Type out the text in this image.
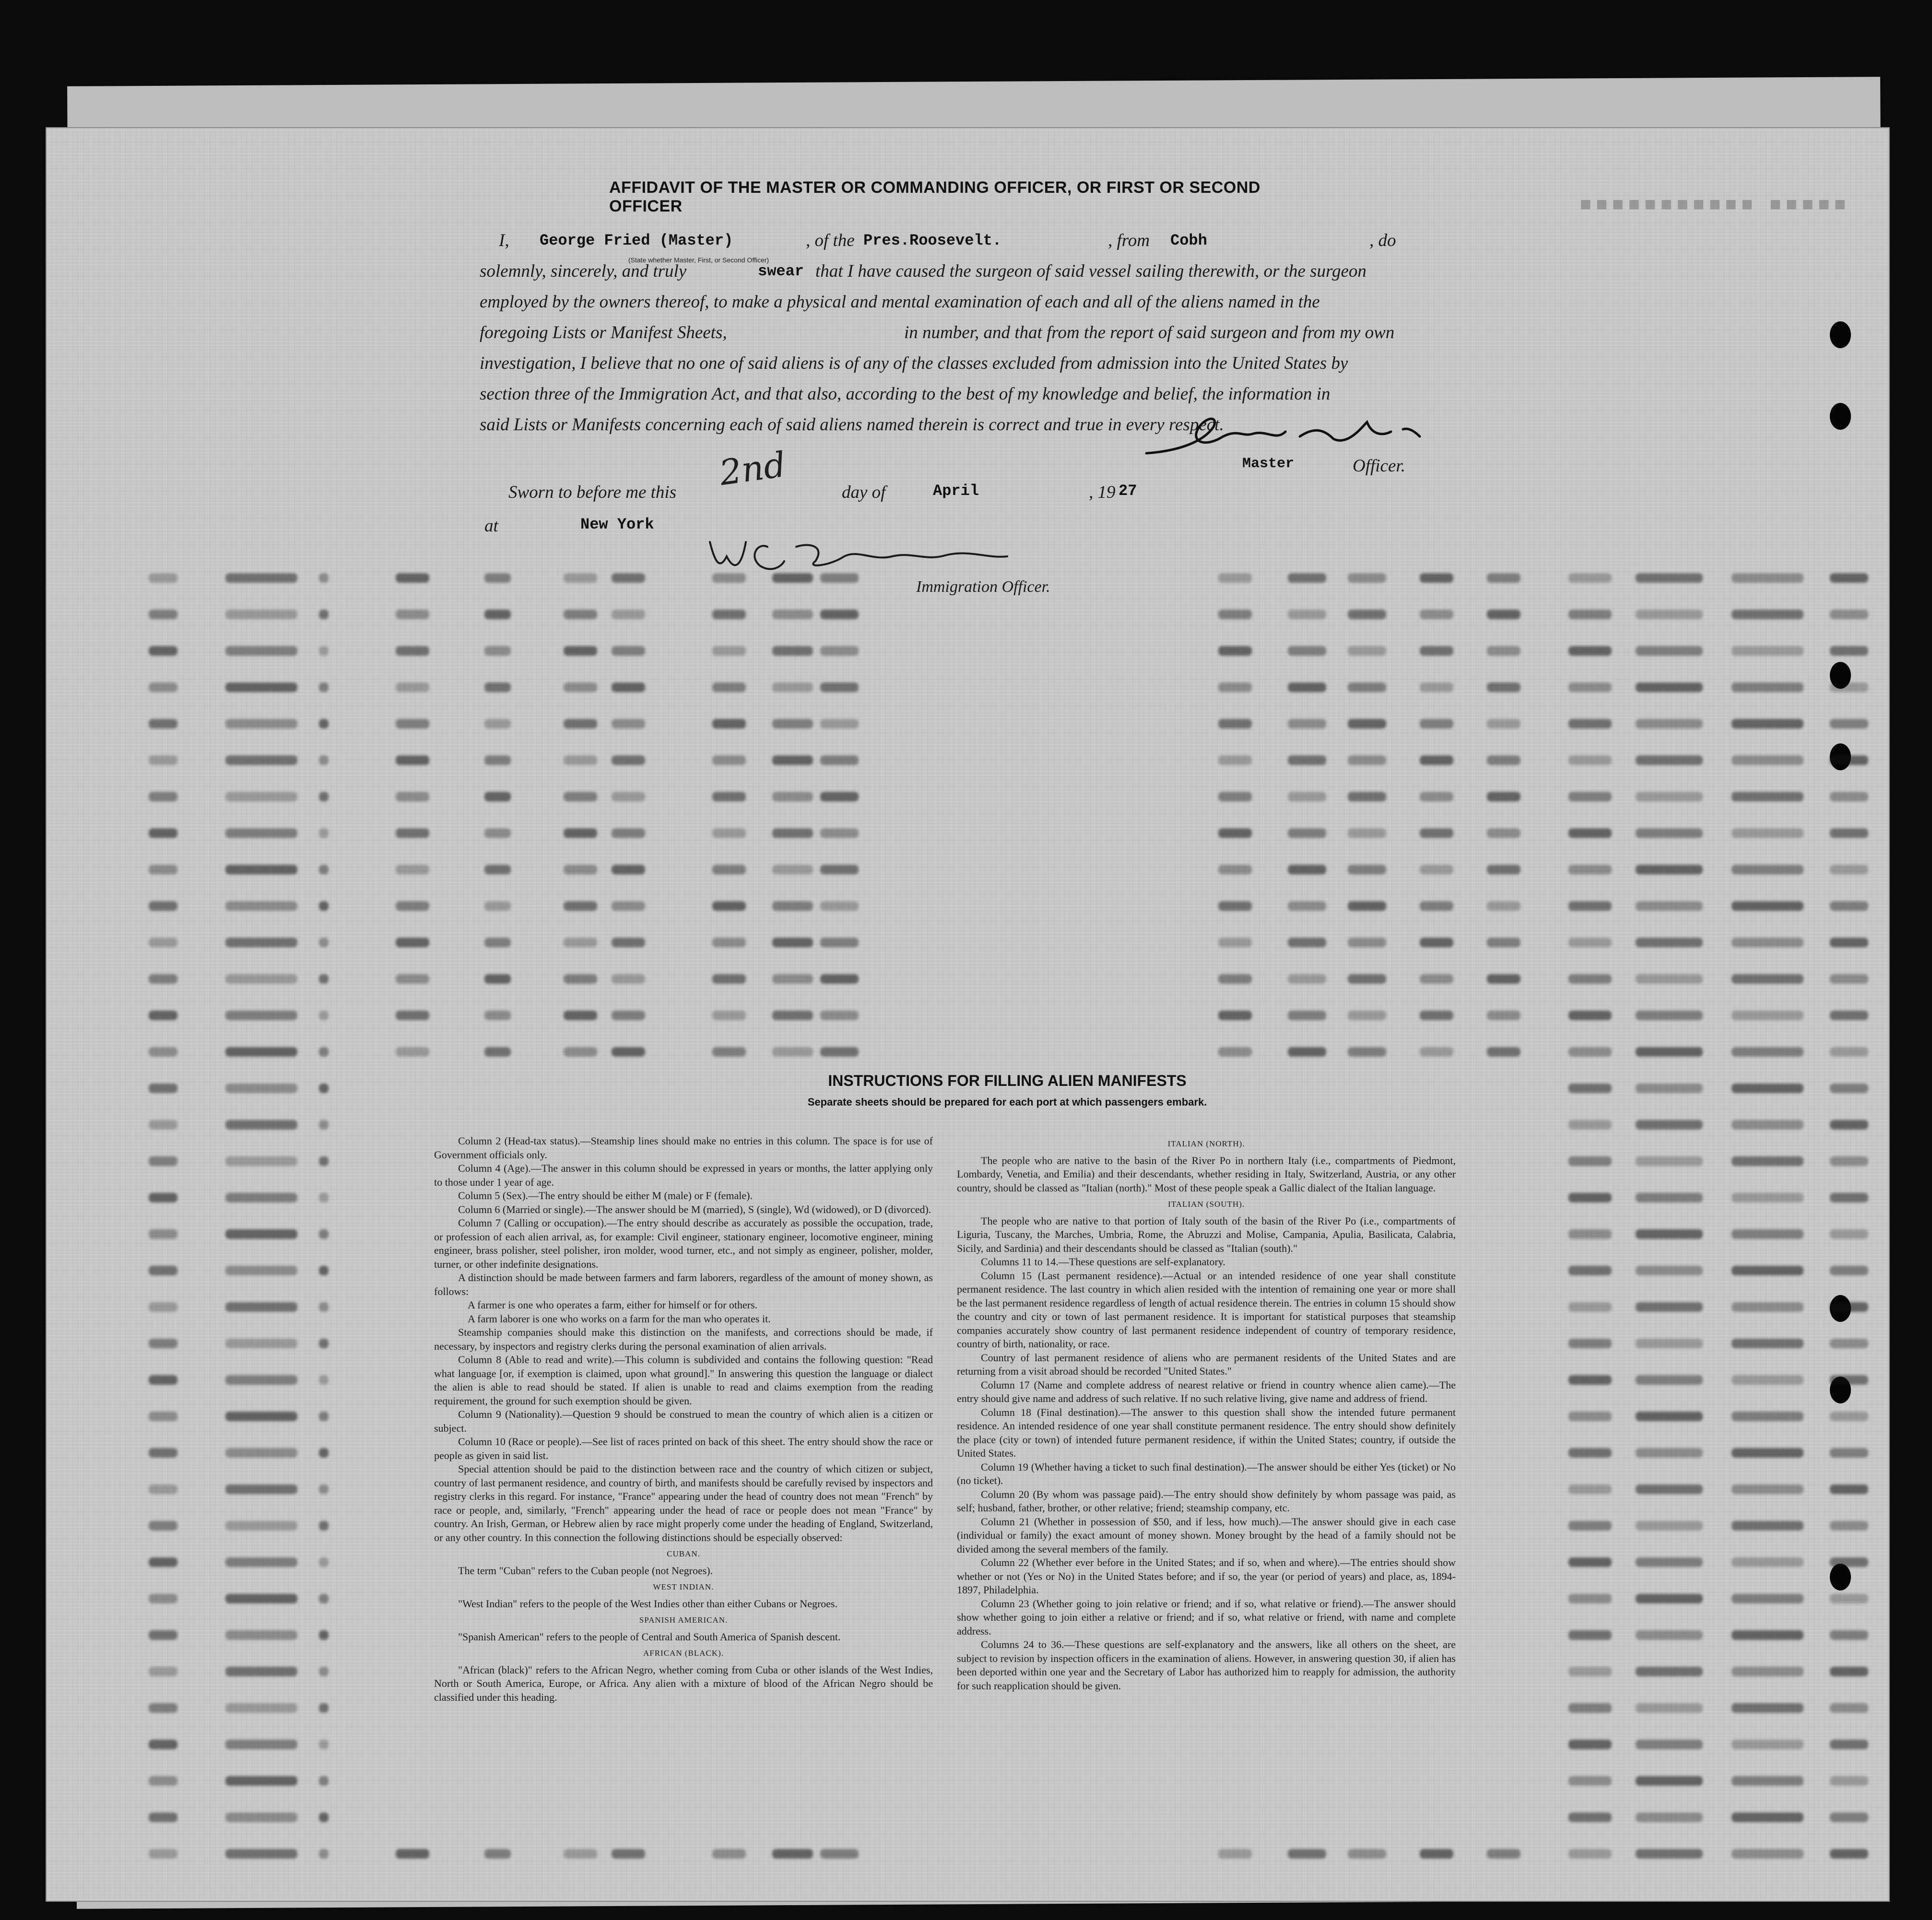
▪▪▪▪▪ ▪▪▪▪▪▪▪▪▪▪▪
AFFIDAVIT OF THE MASTER OR COMMANDING OFFICER, OR FIRST OR SECOND OFFICER
I, George Fried (Master)
(State whether Master, First, or Second Officer)
, of the Pres.Roosevelt.	, from Cobh	, do
solemnly, sincerely, and truly	swear that I have caused the surgeon of said vessel sailing therewith, or the surgeon
employed by the owners thereof, to make a physical and mental examination of each and all of the aliens named in the
foregoing Lists or Manifest Sheets,	in number, and that from the report of said surgeon and from my own
investigation, I believe that no one of said aliens is of any of the classes excluded from admission into the United States by
section three of the Immigration Act, and that also, according to the best of my knowledge and belief, the information in
said Lists or Manifests concerning each of said aliens named therein is correct and true in every respect.
Master	Officer.
Sworn to before me this 2nd	day of	April	, 19 27
at	New York
Immigration Officer.
INSTRUCTIONS FOR FILLING ALIEN MANIFESTS
Separate sheets should be prepared for each port at which passengers embark.

Column 2 (Head-tax status).—Steamship lines should make no entries in this column. The space is for use of Government officials only.

Column 4 (Age).—The answer in this column should be expressed in years or months, the latter applying only to those under 1 year of age.

Column 5 (Sex).—The entry should be either M (male) or F (female).

Column 6 (Married or single).—The answer should be M (married), S (single), Wd (widowed), or D (divorced).

Column 7 (Calling or occupation).—The entry should describe as accurately as possible the occupation, trade, or profession of each alien arrival, as, for example: Civil engineer, stationary engineer, locomotive engineer, mining engineer, brass polisher, steel polisher, iron molder, wood turner, etc., and not simply as engineer, polisher, molder, turner, or other indefinite designations.

A distinction should be made between farmers and farm laborers, regardless of the amount of money shown, as follows:

A farmer is one who operates a farm, either for himself or for others.

A farm laborer is one who works on a farm for the man who operates it.

Steamship companies should make this distinction on the manifests, and corrections should be made, if necessary, by inspectors and registry clerks during the personal examination of alien arrivals.

Column 8 (Able to read and write).—This column is subdivided and contains the following question: "Read what language [or, if exemption is claimed, upon what ground]." In answering this question the language or dialect the alien is able to read should be stated. If alien is unable to read and claims exemption from the reading requirement, the ground for such exemption should be given.

Column 9 (Nationality).—Question 9 should be construed to mean the country of which alien is a citizen or subject.

Column 10 (Race or people).—See list of races printed on back of this sheet. The entry should show the race or people as given in said list.

Special attention should be paid to the distinction between race and the country of which citizen or subject, country of last permanent residence, and country of birth, and manifests should be carefully revised by inspectors and registry clerks in this regard. For instance, "France" appearing under the head of country does not mean "French" by race or people, and, similarly, "French" appearing under the head of race or people does not mean "France" by country. An Irish, German, or Hebrew alien by race might properly come under the heading of England, Switzerland, or any other country. In this connection the following distinctions should be especially observed:

CUBAN.

The term "Cuban" refers to the Cuban people (not Negroes).

WEST INDIAN.

"West Indian" refers to the people of the West Indies other than either Cubans or Negroes.

SPANISH AMERICAN.

"Spanish American" refers to the people of Central and South America of Spanish descent.

AFRICAN (BLACK).

"African (black)" refers to the African Negro, whether coming from Cuba or other islands of the West Indies, North or South America, Europe, or Africa. Any alien with a mixture of blood of the African Negro should be classified under this heading.

ITALIAN (NORTH).

The people who are native to the basin of the River Po in northern Italy (i.e., compartments of Piedmont, Lombardy, Venetia, and Emilia) and their descendants, whether residing in Italy, Switzerland, Austria, or any other country, should be classed as "Italian (north)." Most of these people speak a Gallic dialect of the Italian language.

ITALIAN (SOUTH).

The people who are native to that portion of Italy south of the basin of the River Po (i.e., compartments of Liguria, Tuscany, the Marches, Umbria, Rome, the Abruzzi and Molise, Campania, Apulia, Basilicata, Calabria, Sicily, and Sardinia) and their descendants should be classed as "Italian (south)."

Columns 11 to 14.—These questions are self-explanatory.

Column 15 (Last permanent residence).—Actual or an intended residence of one year shall constitute permanent residence. The last country in which alien resided with the intention of remaining one year or more shall be the last permanent residence regardless of length of actual residence therein. The entries in column 15 should show the country and city or town of last permanent residence. It is important for statistical purposes that steamship companies accurately show country of last permanent residence independent of country of temporary residence, country of birth, nationality, or race.

Country of last permanent residence of aliens who are permanent residents of the United States and are returning from a visit abroad should be recorded "United States."

Column 17 (Name and complete address of nearest relative or friend in country whence alien came).—The entry should give name and address of such relative. If no such relative living, give name and address of friend.

Column 18 (Final destination).—The answer to this question shall show the intended future permanent residence. An intended residence of one year shall constitute permanent residence. The entry should show definitely the place (city or town) of intended future permanent residence, if within the United States; country, if outside the United States.

Column 19 (Whether having a ticket to such final destination).—The answer should be either Yes (ticket) or No (no ticket).

Column 20 (By whom was passage paid).—The entry should show definitely by whom passage was paid, as self; husband, father, brother, or other relative; friend; steamship company, etc.

Column 21 (Whether in possession of $50, and if less, how much).—The answer should give in each case (individual or family) the exact amount of money shown. Money brought by the head of a family should not be divided among the several members of the family.

Column 22 (Whether ever before in the United States; and if so, when and where).—The entries should show whether or not (Yes or No) in the United States before; and if so, the year (or period of years) and place, as, 1894-1897, Philadelphia.

Column 23 (Whether going to join relative or friend; and if so, what relative or friend).—The answer should show whether going to join either a relative or friend; and if so, what relative or friend, with name and complete address.

Columns 24 to 36.—These questions are self-explanatory and the answers, like all others on the sheet, are subject to revision by inspection officers in the examination of aliens. However, in answering question 30, if alien has been deported within one year and the Secretary of Labor has authorized him to reapply for admission, the authority for such reapplication should be given.
